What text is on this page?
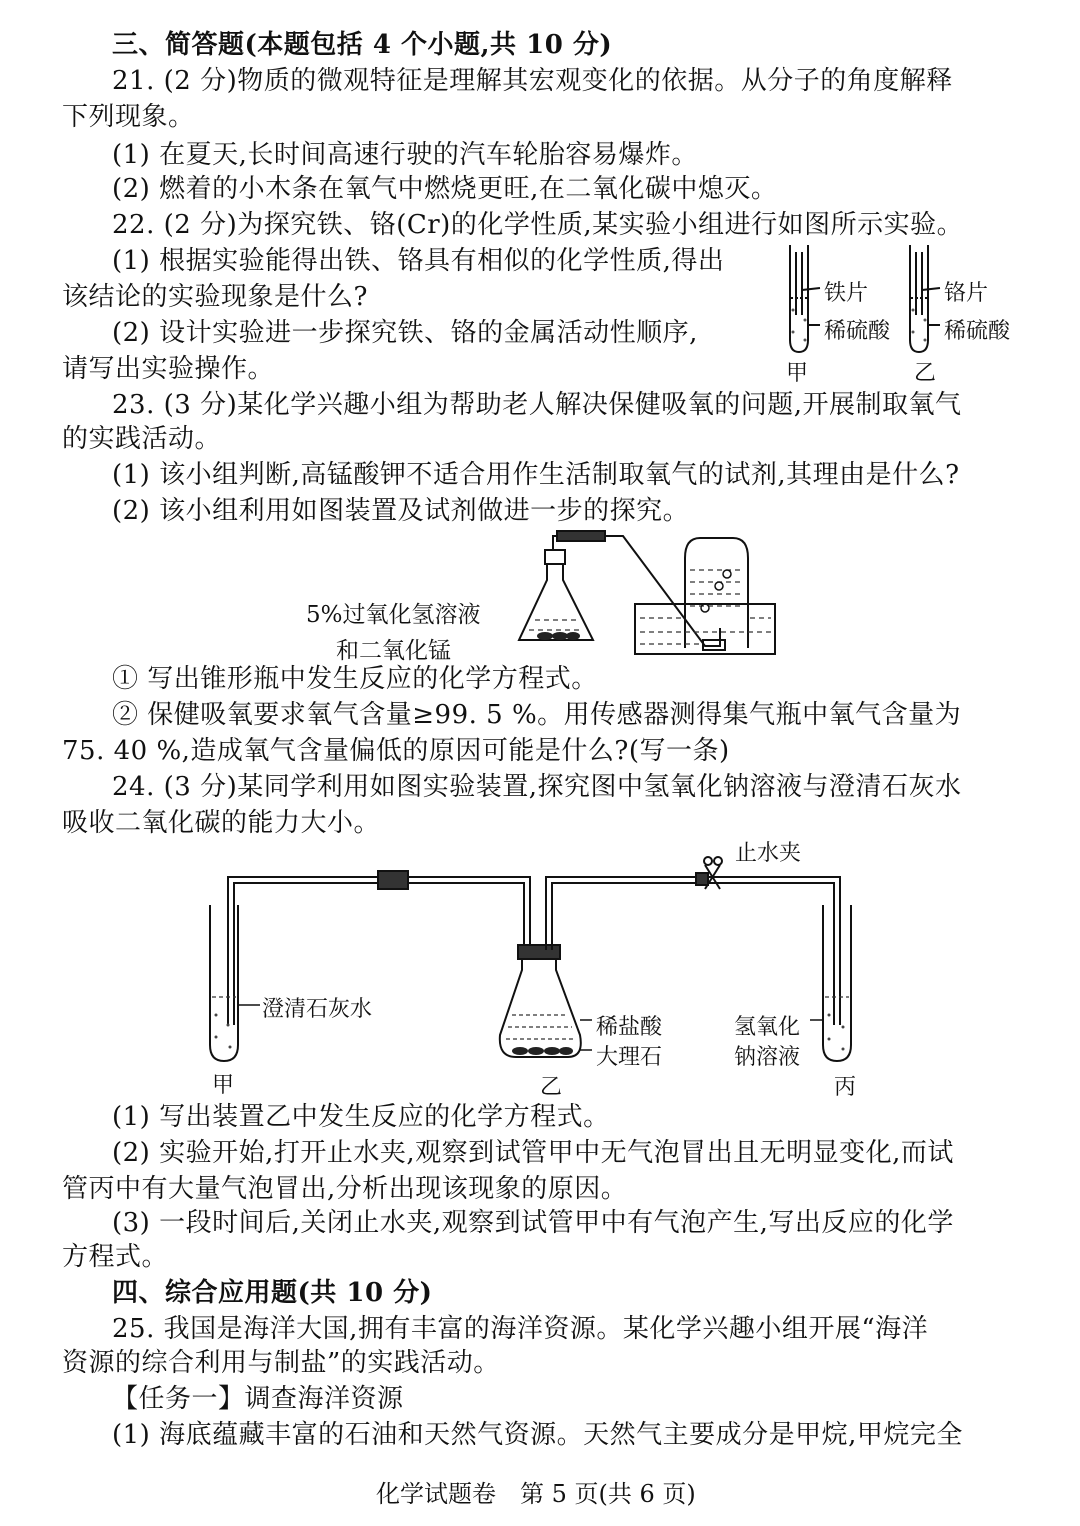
三、简答题(本题包括 4 个小题,共 10 分)
21. (2 分)物质的微观特征是理解其宏观变化的依据。从分子的角度解释
下列现象。
(1) 在夏天,长时间高速行驶的汽车轮胎容易爆炸。
(2) 燃着的小木条在氧气中燃烧更旺,在二氧化碳中熄灭。
22. (2 分)为探究铁、铬(Cr)的化学性质,某实验小组进行如图所示实验。
(1) 根据实验能得出铁、铬具有相似的化学性质,得出
该结论的实验现象是什么?
(2) 设计实验进一步探究铁、铬的金属活动性顺序,
请写出实验操作。
铁片
稀硫酸
甲
铬片
稀硫酸
乙
23. (3 分)某化学兴趣小组为帮助老人解决保健吸氧的问题,开展制取氧气
的实践活动。
(1) 该小组判断,高锰酸钾不适合用作生活制取氧气的试剂,其理由是什么?
(2) 该小组利用如图装置及试剂做进一步的探究。
5%过氧化氢溶液
和二氧化锰
① 写出锥形瓶中发生反应的化学方程式。
② 保健吸氧要求氧气含量≥99. 5 %。用传感器测得集气瓶中氧气含量为
75. 40 %,造成氧气含量偏低的原因可能是什么?(写一条)
24. (3 分)某同学利用如图实验装置,探究图中氢氧化钠溶液与澄清石灰水
吸收二氧化碳的能力大小。
止水夹
澄清石灰水
甲
稀盐酸
大理石
乙
氢氧化
钠溶液
丙
(1) 写出装置乙中发生反应的化学方程式。
(2) 实验开始,打开止水夹,观察到试管甲中无气泡冒出且无明显变化,而试
管丙中有大量气泡冒出,分析出现该现象的原因。
(3) 一段时间后,关闭止水夹,观察到试管甲中有气泡产生,写出反应的化学
方程式。
四、综合应用题(共 10 分)
25. 我国是海洋大国,拥有丰富的海洋资源。某化学兴趣小组开展“海洋
资源的综合利用与制盐”的实践活动。
【任务一】调查海洋资源
(1) 海底蕴藏丰富的石油和天然气资源。天然气主要成分是甲烷,甲烷完全
化学试题卷　第 5 页(共 6 页)
